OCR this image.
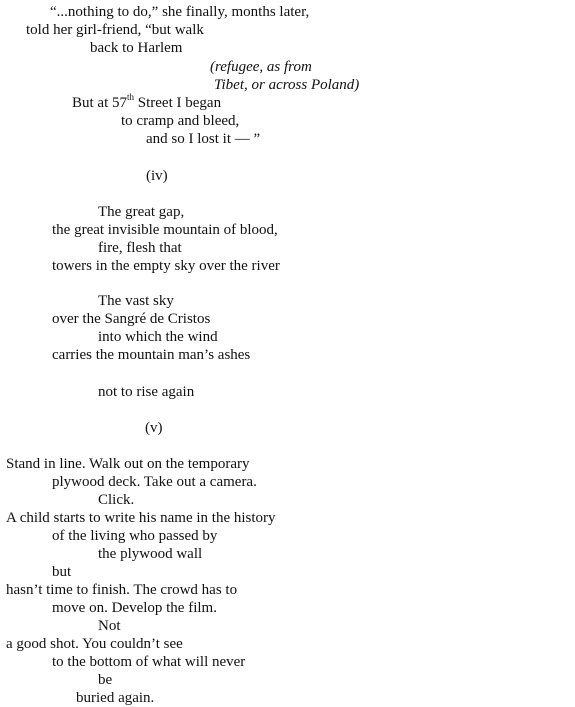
“...nothing to do,” she finally, months later,
told her girl-friend, “but walk
back to Harlem
(refugee, as from
Tibet, or across Poland)
But at 57th Street I began
to cramp and bleed,
and so I lost it — ”
(iv)
The great gap,
the great invisible mountain of blood,
fire, flesh that
towers in the empty sky over the river
The vast sky
over the Sangré de Cristos
into which the wind
carries the mountain man’s ashes
not to rise again
(v)
Stand in line. Walk out on the temporary
plywood deck. Take out a camera.
Click.
A child starts to write his name in the history
of the living who passed by
the plywood wall
but
hasn’t time to finish. The crowd has to
move on. Develop the film.
Not
a good shot. You couldn’t see
to the bottom of what will never
be
buried again.
